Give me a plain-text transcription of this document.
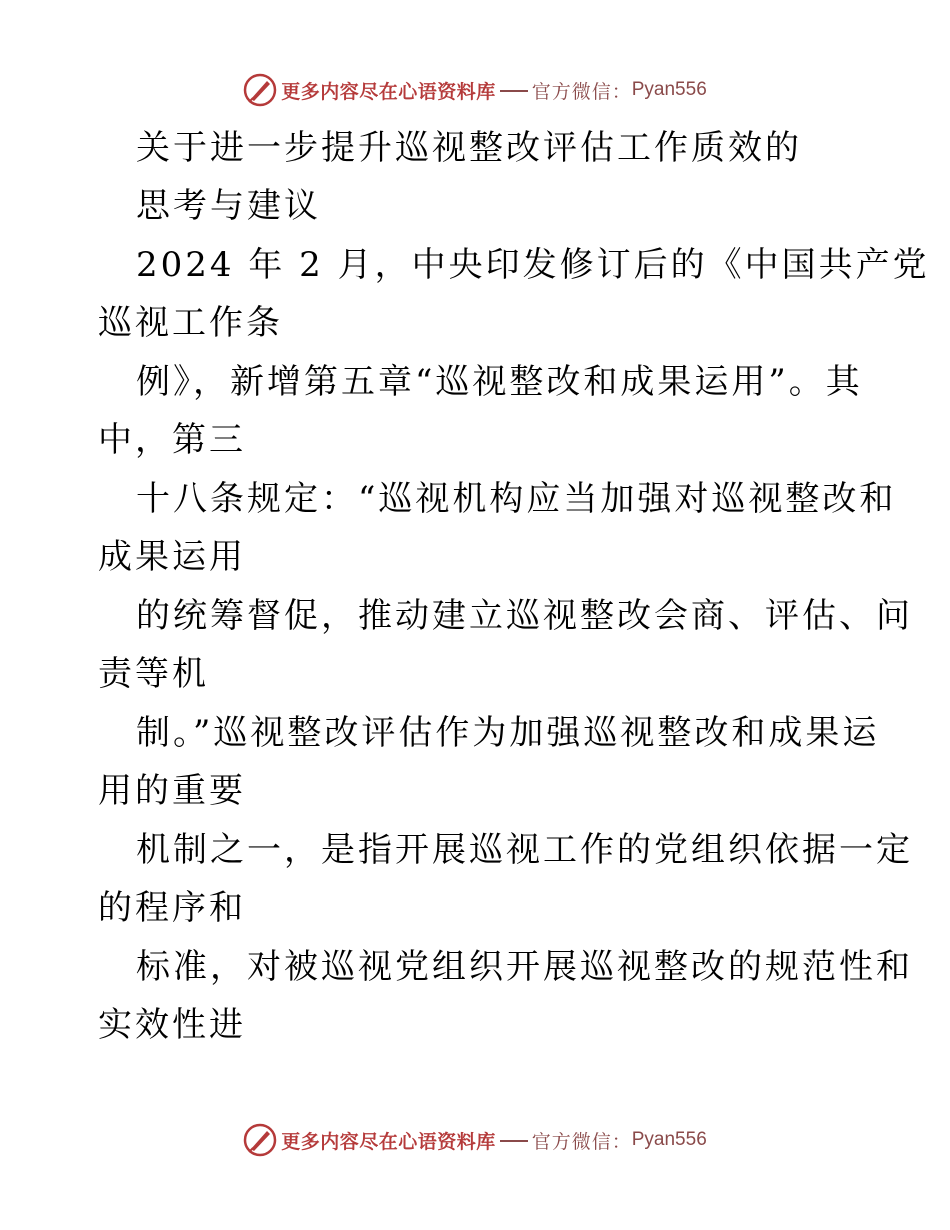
更多内容尽在心语资料库 官方微信： Pyan556
关于进一步提升巡视整改评估工作质效的
思考与建议
2024 年 2 月，中央印发修订后的《中国共产党
巡视工作条
例》，新增第五章“巡视整改和成果运用”。其
中，第三
十八条规定：“巡视机构应当加强对巡视整改和
成果运用
的统筹督促，推动建立巡视整改会商、评估、问
责等机
制。”巡视整改评估作为加强巡视整改和成果运
用的重要
机制之一，是指开展巡视工作的党组织依据一定
的程序和
标准，对被巡视党组织开展巡视整改的规范性和
实效性进
更多内容尽在心语资料库 官方微信： Pyan556
